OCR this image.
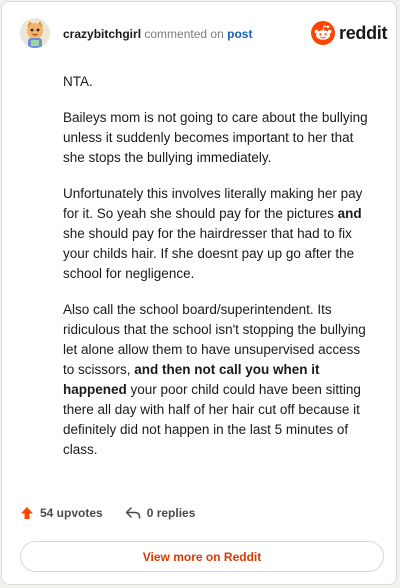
crazybitchgirl commented on post	reddit

NTA.

Baileys mom is not going to care about the bullying unless it suddenly becomes important to her that she stops the bullying immediately.

Unfortunately this involves literally making her pay for it. So yeah she should pay for the pictures and she should pay for the hairdresser that had to fix your childs hair. If she doesnt pay up go after the school for negligence.

Also call the school board/superintendent. Its ridiculous that the school isn't stopping the bullying let alone allow them to have unsupervised access to scissors, and then not call you when it happened your poor child could have been sitting there all day with half of her hair cut off because it definitely did not happen in the last 5 minutes of class.

54 upvotes	0 replies
View more on Reddit
